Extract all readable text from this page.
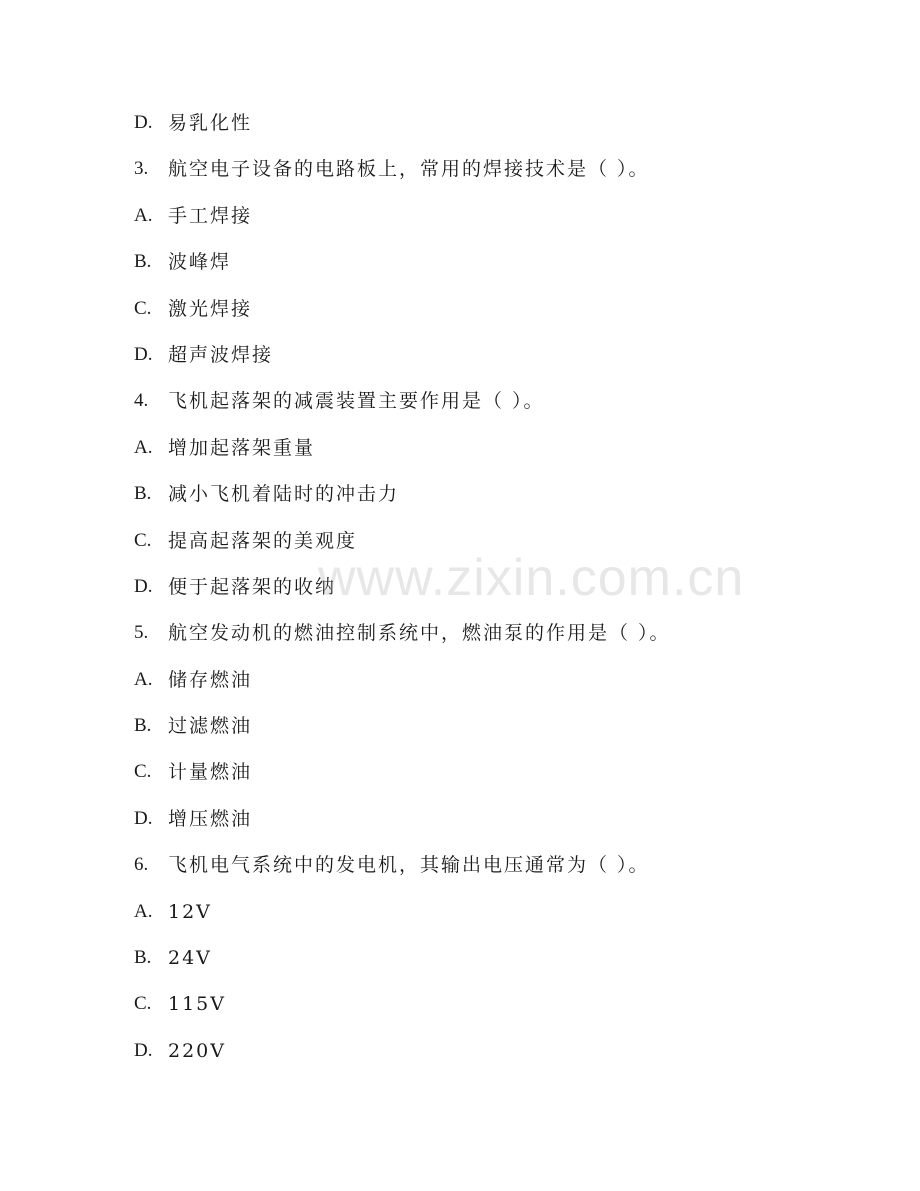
D. 易乳化性
3.	航空电子设备的电路板上，常用的焊接技术是（ ）。
A. 手工焊接
B. 波峰焊
C. 激光焊接
D. 超声波焊接
4.	飞机起落架的减震装置主要作用是（ ）。
A. 增加起落架重量
B. 减小飞机着陆时的冲击力
C. 提高起落架的美观度
D. 便于起落架的收纳
5.	航空发动机的燃油控制系统中，燃油泵的作用是（ ）。
A. 储存燃油
B. 过滤燃油
C. 计量燃油
D. 增压燃油
6.	飞机电气系统中的发电机，其输出电压通常为（ ）。
A. 12V
B. 24V
C. 115V
D. 220V
www.zixin.com.cn
